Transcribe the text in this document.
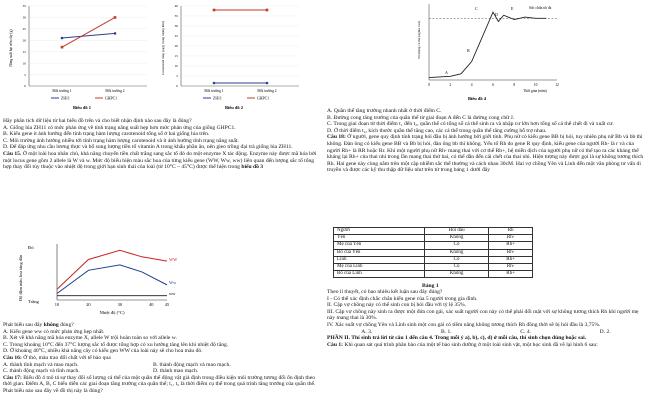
Năng suất hạt trên cây (g)
0
5
10
15
20
25
30
35
Môi trường 1	Môi trường 2
ZH11	GHPC1
Biểu đồ 1
Carotenoid tổng (μg/g trọng lượng khô)
0
5
10
15
20
25
30
35
40
Môi trường 1	Môi trường 2
ZH11	GHPC1
Biểu đồ 2

Hãy phân tích dữ liệu từ hai biểu đồ trên và cho biết nhận định nào sau đây là đúng?

A. Giống lúa ZH11 có mức phản ứng về tính trạng năng suất hẹp hơn mức phản ứng của giống GHPC1.

B. Kiểu gene ít ảnh hưởng đến tính trạng hàm lượng carotenoid tổng số ở hai giống lúa trên.

C. Môi trường ảnh hưởng nhiều tới tính trạng hàm lượng carotenoid và ít ảnh hưởng tính trạng năng suất.

D. Để đáp ứng nhu cầu lương thực và bổ sung lượng tiền tố vitamin A trong khẩu phần ăn, nên gieo trồng đại trà giống lúa ZH11.

Câu 15. Ở một loài hoa nhân chủ, khả năng chuyển tiền chất trắng sang sắc tố đỏ do một enzyme X tác động. Enzyme này được mã hóa bởi một locus gene gồm 2 allele là W và w. Mức độ biểu hiện màu sắc hoa của từng kiểu gene (WW, Ww, ww) liên quan đến lượng sắc tố tổng hợp thay đổi tùy thuộc vào nhiệt độ trong giới hạn sinh thái của loài (từ 10°C – 45°C) được thể hiện trong biểu đồ 3

Độ đậm màu hoa tăng dần
Đỏ
Trắng
WW
Ww
ww
10	20	30	40	45
Nhiệt độ (°C)

Phát biểu sau đây không đúng?

A. Kiểu gene ww có mức phản ứng hẹp nhất.

B. Xét về khả năng mã hóa enzyme X, allele W trội hoàn toàn so với allele w.

C. Trong khoảng 10°C đến 37°C lượng sắc tố được tổng hợp có xu hướng tăng lên khi nhiệt độ tăng.

D. Ở khoảng 40°C, nhiều khả năng cây có kiểu gen WW của loài này sẽ cho hoa màu đỏ.

Câu 16: Ở thỏ, màu trao đổi chất với tế bào qua

A. thành tĩnh mạch và mao mạch.	B. thành động mạch và mao mạch.

C. thành động mạch và tĩnh mạch.	D. thành mao mạch.

Câu 17: Biểu đồ 4 mô tả sự thay đổi số lượng cá thể của một quần thể động vật giả định trong điều kiện môi trường tương đối ổn định theo thời gian. Điểm A, B, C biểu diễn các giai đoạn tăng trưởng của quần thể; t₁, t₂ là thời điểm cụ thể trong quá trình tăng trưởng của quần thể. Phát biểu nào sau đây về đồ thị này là đúng?

Số lượng cá thể (nghìn con)
0	2	4	6	8	10	12
Sức chứa tối đa
A
B
C
D
E
Thời gian (năm)
Biểu đồ 4

A. Quần thể tăng trưởng nhanh nhất ở thời điểm C.

B. Đường cong tăng trưởng của quần thể từ giai đoạn A đến C là đường cong chữ J.

C. Trong giai đoạn từ thời điểm t₁ đến t₂, quần thể có tổng số cá thể sinh ra và nhập cư lớn hơn tổng số cá thể chết đi và xuất cư.

D. Ở thời điểm t₂, kích thước quần thể tăng cao, các cá thể trong quần thể tăng cường hỗ trợ nhau.

Câu 18: Ở người, gene quy định tính trạng hói đầu bị ảnh hưởng bởi giới tính. Phụ nữ có kiểu gene BB bị hói, tuy nhiên phụ nữ Bb và bb thì không. Đàn ông có kiểu gene BB và Bb bị hói, đàn ông bb thì không. Yếu tố Rh do gene R quy định, kiểu gene của người Rh- là r và của người Rh+ là RR hoặc Rr. Khi một người phụ nữ Rh- mang thai với cơ thể Rh+, hệ miễn dịch của người phụ nữ có thể tạo ra các kháng thể kháng lại Rh+ của thai nhi trong lần mang thai thứ hai, có thể dẫn đến cái chết của thai nhi. Hiện tượng này được gọi là sự không tương thích Rh. Hai gene này cùng nằm trên một cặp nhiễm sắc thể thường và cách nhau 30cM. Hai vợ chồng Yên và Linh đến một văn phòng tư vấn di truyền và được các kỹ thu thập dữ liệu như trên từ trong bảng 1 dưới đây

Người	Hói đầu	Rh
Yên	Không	Rh-
Mẹ của Yên	Có	Rh+
Bố của Yên	Không	Rh-
Linh	Có	Rh+
Mẹ của Linh	Có	Rh-
Bố của Linh	Không	Rh+

Bảng 1

Theo lí thuyết, có bao nhiêu kết luận sau đây đúng?

I - Có thể xác định chắc chắn kiểu gene của 5 người trong gia đình.

II. Cặp vợ chồng này có thể sinh con bị hói đầu với tỷ lệ 35%.

III. Cặp vợ chồng này sinh ra được một đứa con gái, xác suất người con này có thể phải đối mặt với sự không tương thích Rh khi người mẹ này mang thai là 30%.

IV. Xác suất vợ chồng Yên và Linh sinh một con gái có tiềm năng không tương thích Rh đồng thời sẽ bị hói đầu là 3,75%.

A. 3.	B. 1.	C. 4.	D. 2.

PHẦN II. Thí sinh trả lời từ câu 1 đến câu 4. Trong mỗi ý a), b), c), d) ở mỗi câu, thí sinh chọn đúng hoặc sai.

Câu 1: Khi quan sát quá trình phân bào của một tế bào sinh dưỡng ở một loài sinh vật, một học sinh đã vẽ lại hình 6 sau:
